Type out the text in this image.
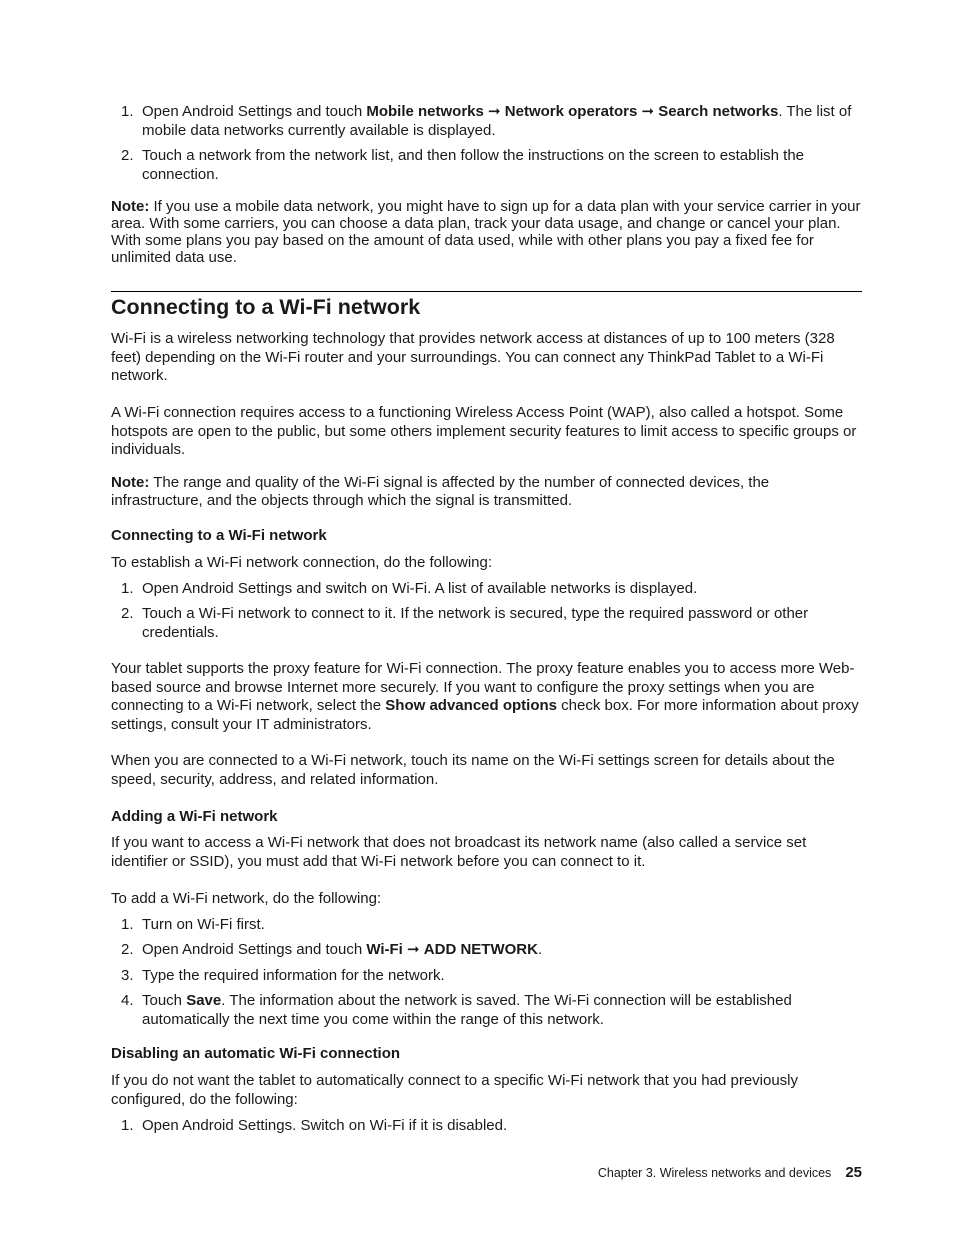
1. Open Android Settings and touch Mobile networks ➞ Network operators ➞ Search networks. The list of mobile data networks currently available is displayed.
2. Touch a network from the network list, and then follow the instructions on the screen to establish the connection.
Note: If you use a mobile data network, you might have to sign up for a data plan with your service carrier in your area. With some carriers, you can choose a data plan, track your data usage, and change or cancel your plan. With some plans you pay based on the amount of data used, while with other plans you pay a fixed fee for unlimited data use.
Connecting to a Wi-Fi network
Wi-Fi is a wireless networking technology that provides network access at distances of up to 100 meters (328 feet) depending on the Wi-Fi router and your surroundings. You can connect any ThinkPad Tablet to a Wi-Fi network.
A Wi-Fi connection requires access to a functioning Wireless Access Point (WAP), also called a hotspot. Some hotspots are open to the public, but some others implement security features to limit access to specific groups or individuals.
Note: The range and quality of the Wi-Fi signal is affected by the number of connected devices, the infrastructure, and the objects through which the signal is transmitted.
Connecting to a Wi-Fi network
To establish a Wi-Fi network connection, do the following:
1. Open Android Settings and switch on Wi-Fi. A list of available networks is displayed.
2. Touch a Wi-Fi network to connect to it. If the network is secured, type the required password or other credentials.
Your tablet supports the proxy feature for Wi-Fi connection. The proxy feature enables you to access more Web-based source and browse Internet more securely. If you want to configure the proxy settings when you are connecting to a Wi-Fi network, select the Show advanced options check box. For more information about proxy settings, consult your IT administrators.
When you are connected to a Wi-Fi network, touch its name on the Wi-Fi settings screen for details about the speed, security, address, and related information.
Adding a Wi-Fi network
If you want to access a Wi-Fi network that does not broadcast its network name (also called a service set identifier or SSID), you must add that Wi-Fi network before you can connect to it.
To add a Wi-Fi network, do the following:
1. Turn on Wi-Fi first.
2. Open Android Settings and touch Wi-Fi ➞ ADD NETWORK.
3. Type the required information for the network.
4. Touch Save. The information about the network is saved. The Wi-Fi connection will be established automatically the next time you come within the range of this network.
Disabling an automatic Wi-Fi connection
If you do not want the tablet to automatically connect to a specific Wi-Fi network that you had previously configured, do the following:
1. Open Android Settings. Switch on Wi-Fi if it is disabled.
Chapter 3. Wireless networks and devices 25
